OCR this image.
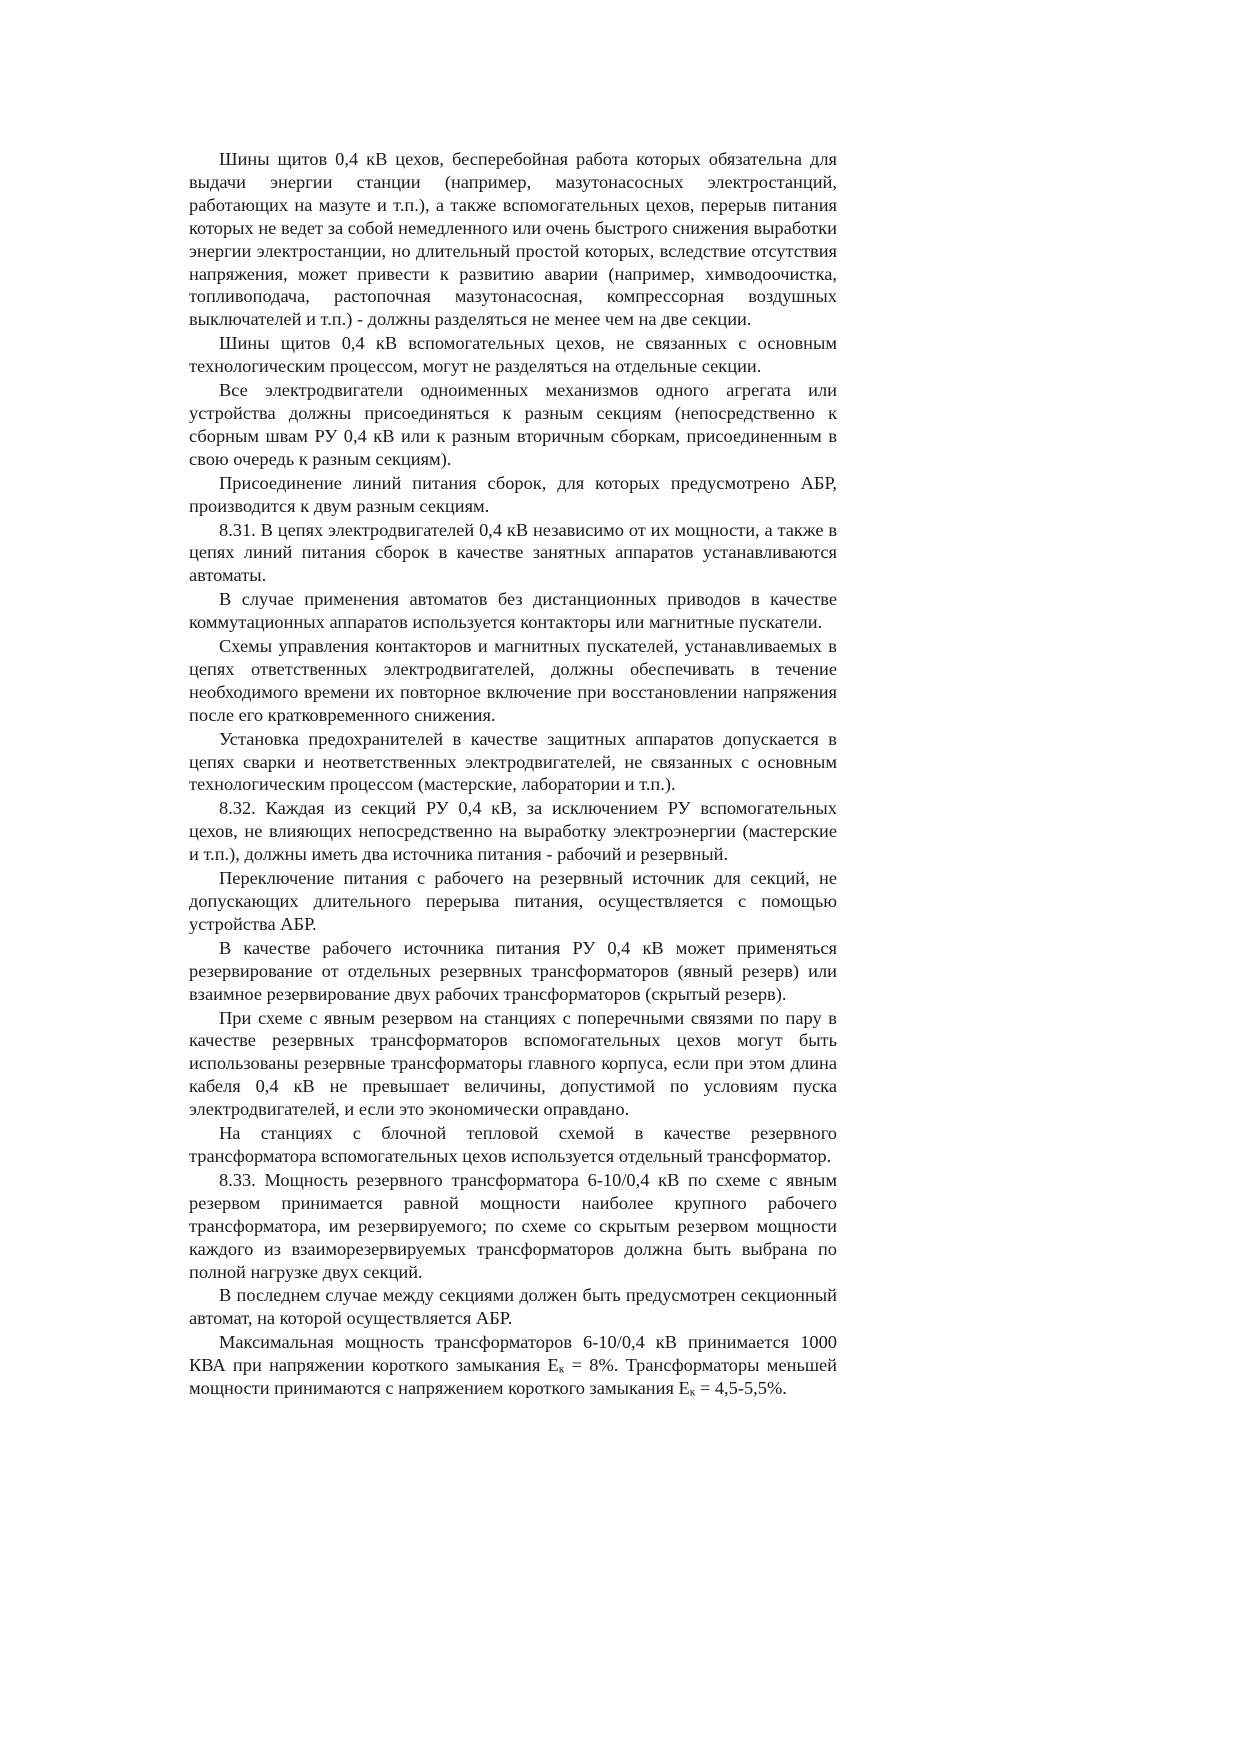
Шины щитов 0,4 кВ цехов, бесперебойная работа которых обязательна для выдачи энергии станции (например, мазутонасосных электростанций, работающих на мазуте и т.п.), а также вспомогательных цехов, перерыв питания которых не ведет за собой немедленного или очень быстрого снижения выработки энергии электростанции, но длительный простой которых, вследствие отсутствия напряжения, может привести к развитию аварии (например, химводоочистка, топливоподача, растопочная мазутонасосная, компрессорная воздушных выключателей и т.п.) - должны разделяться не менее чем на две секции.

Шины щитов 0,4 кВ вспомогательных цехов, не связанных с основным технологическим процессом, могут не разделяться на отдельные секции.

Все электродвигатели одноименных механизмов одного агрегата или устройства должны присоединяться к разным секциям (непосредственно к сборным швам РУ 0,4 кВ или к разным вторичным сборкам, присоединенным в свою очередь к разным секциям).

Присоединение линий питания сборок, для которых предусмотрено АБР, производится к двум разным секциям.

8.31. В цепях электродвигателей 0,4 кВ независимо от их мощности, а также в цепях линий питания сборок в качестве занятных аппаратов устанавливаются автоматы.

В случае применения автоматов без дистанционных приводов в качестве коммутационных аппаратов используется контакторы или магнитные пускатели.

Схемы управления контакторов и магнитных пускателей, устанавливаемых в цепях ответственных электродвигателей, должны обеспечивать в течение необходимого времени их повторное включение при восстановлении напряжения после его кратковременного снижения.

Установка предохранителей в качестве защитных аппаратов допускается в цепях сварки и неответственных электродвигателей, не связанных с основным технологическим процессом (мастерские, лаборатории и т.п.).

8.32. Каждая из секций РУ 0,4 кВ, за исключением РУ вспомогательных цехов, не влияющих непосредственно на выработку электроэнергии (мастерские и т.п.), должны иметь два источника питания - рабочий и резервный.

Переключение питания с рабочего на резервный источник для секций, не допускающих длительного перерыва питания, осуществляется с помощью устройства АБР.

В качестве рабочего источника питания РУ 0,4 кВ может применяться резервирование от отдельных резервных трансформаторов (явный резерв) или взаимное резервирование двух рабочих трансформаторов (скрытый резерв).

При схеме с явным резервом на станциях с поперечными связями по пару в качестве резервных трансформаторов вспомогательных цехов могут быть использованы резервные трансформаторы главного корпуса, если при этом длина кабеля 0,4 кВ не превышает величины, допустимой по условиям пуска электродвигателей, и если это экономически оправдано.

На станциях с блочной тепловой схемой в качестве резервного трансформатора вспомогательных цехов используется отдельный трансформатор.

8.33. Мощность резервного трансформатора 6-10/0,4 кВ по схеме с явным резервом принимается равной мощности наиболее крупного рабочего трансформатора, им резервируемого; по схеме со скрытым резервом мощности каждого из взаиморезервируемых трансформаторов должна быть выбрана по полной нагрузке двух секций.

В последнем случае между секциями должен быть предусмотрен секционный автомат, на которой осуществляется АБР.

Максимальная мощность трансформаторов 6-10/0,4 кВ принимается 1000 КВА при напряжении короткого замыкания Ек = 8%. Трансформаторы меньшей мощности принимаются с напряжением короткого замыкания Ек = 4,5-5,5%.
